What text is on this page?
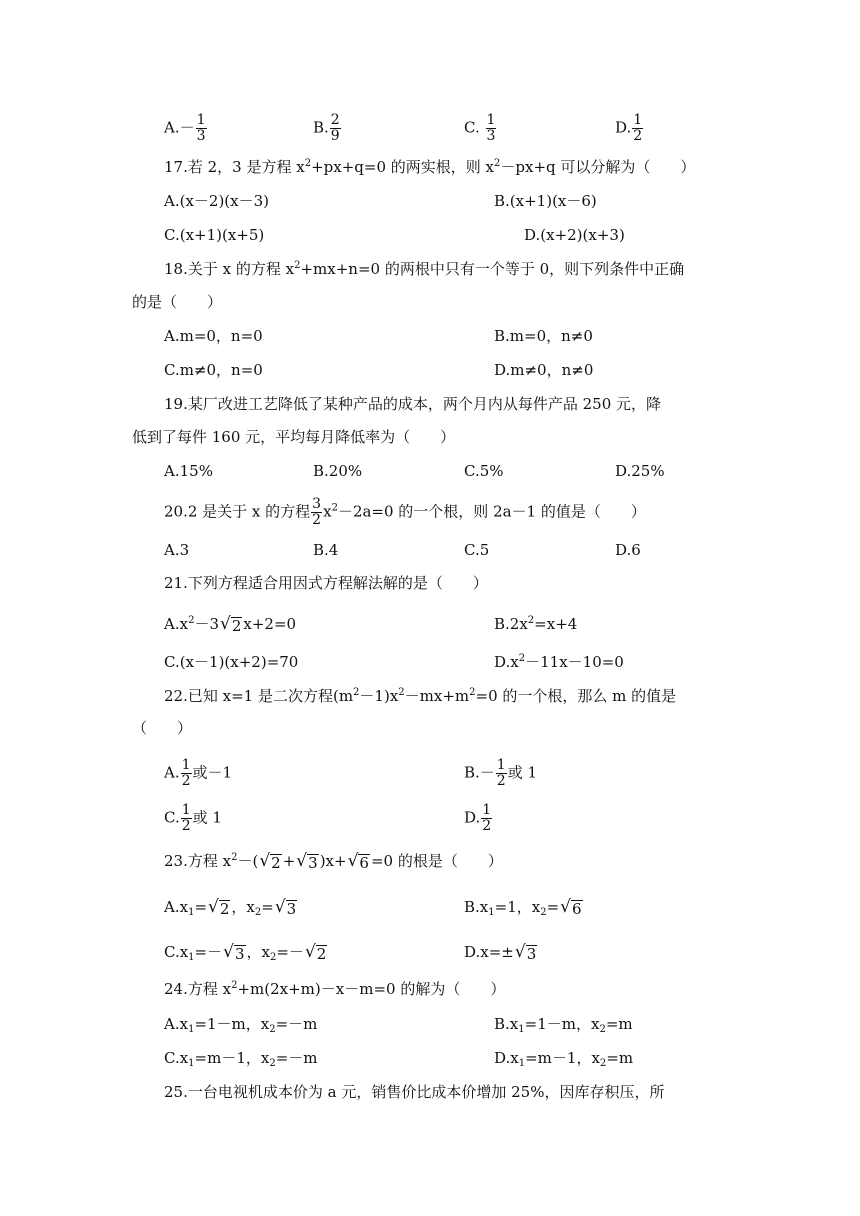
$A.- \frac{1}{3}$	B. $\frac{2}{9}$	C. $\frac{1}{3}$	D. $\frac{1}{2}$
17.若 2，3 是方程 $x^2+px+q=0$ 的两实根，则 $x^2-px+q$ 可以分解为（　　）
A.(x－2)(x－3)	B.(x+1)(x－6)
C.(x+1)(x+5)	D.(x+2)(x+3)
18.关于 x 的方程 $x^2+mx+n=0$ 的两根中只有一个等于 0，则下列条件中正确
的是（　　）
A.m=0，n=0	B.m=0，n≠0
C.m≠0，n=0	D.m≠0，n≠0
19.某厂改进工艺降低了某种产品的成本，两个月内从每件产品 250 元，降
低到了每件 160 元，平均每月降低率为（　　）
A.15%	B.20%	C.5%	D.25%
20.2 是关于 x 的方程 $\frac{3}{2} x^2-2a=0$ 的一个根，则 2a－1 的值是（　　）
A.3	B.4	C.5	D.6
21.下列方程适合用因式方程解法解的是（　　）
$A.x^2-3$ √ 2 x+2=0	$B.2x^2=x+4$
C.(x－1)(x+2)=70	$D.x^2-11x-10=0$
22.已知 x=1 是二次方程$(m^2-1)x^2-mx+m^2=0$ 的一个根，那么 m 的值是
（　　）
A. $\frac{1}{2}$ 或－1	$B.- \frac{1}{2}$ 或 1
C. $\frac{1}{2}$ 或 1	D. $\frac{1}{2}$
23.方程 $x^2-$( √ 2 + √ 3 )x+ √ 6 =0 的根是（　　）
$A.x_1=$ √ 2 ，$x_2=$ √ 3	$B.x_1=1$，$x_2=$ √ 6
$C.x_1=-$ √ 3 ，$x_2=-$ √ 2	D.x=± √ 3
24.方程 $x^2+m(2x+m)-x-m=0$ 的解为（　　）
$A.x_1=1-m$，$x_2=-m$	$B.x_1=1-m$，$x_2=m$
$C.x_1=m-1$，$x_2=-m$	$D.x_1=m-1$，$x_2=m$
25.一台电视机成本价为 a 元，销售价比成本价增加 25%，因库存积压，所
